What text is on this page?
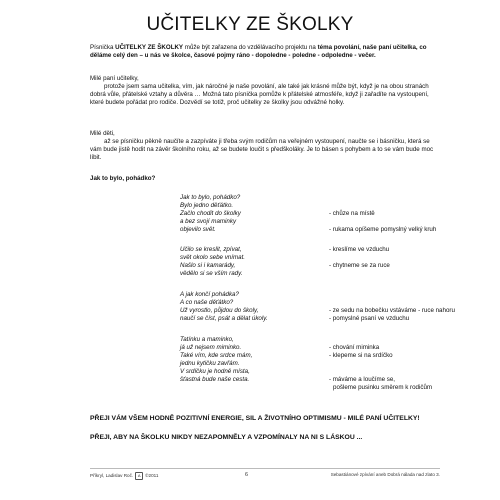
UČITELKY ZE ŠKOLKY
Písnička UČITELKY ZE ŠKOLKY může být zařazena do vzdělávacího projektu na téma povolání, naše paní učitelka, co děláme celý den – u nás ve školce, časové pojmy ráno - dopoledne - poledne - odpoledne - večer.
Milé paní učitelky,
protože jsem sama učitelka, vím, jak náročné je naše povolání, ale také jak krásné může být, když je na obou stranách dobrá vůle, přátelské vztahy a důvěra … Možná tato písnička pomůže k přátelské atmosféře, když ji zařadíte na vystoupení, které budete pořádat pro rodiče. Dozvědí se totiž, proč učitelky ze školky jsou odvážné holky.
Milé děti,
až se písničku pěkně naučíte a zazpíváte ji třeba svým rodičům na veřejném vystoupení, naučte se i básničku, která se vám bude jistě hodit na závěr školního roku, až se budete loučit s předškoláky. Je to básen s pohybem a to se vám bude moc líbit.
Jak to bylo, pohádko?
Jak to bylo, pohádko?
Bylo jedno děťátko.
Začlo chodit do školky	- chůze na místě
a bez svojí maminky
objevilo svět.	- rukama opíšeme pomyslný velký kruh
Učilo se kreslit, zpívat,	- kreslíme ve vzduchu
svět okolo sebe vnímat.
Našlo si i kamarády,	- chytneme se za ruce
vědělo si se vším rady.
A jak končí pohádka?
A co naše děťátko?
Už vyrostlo, půjdou do školy,	- ze sedu na bobečku vstáváme - ruce nahoru
naučí se číst, psát a dělat úkoly.	- pomyslné psaní ve vzduchu
Tatínku a maminko,
já už nejsem miminko.	- chování miminka
Také vím, kde srdce mám,	- klepeme si na srdíčko
jednu kytičku zavřám.
V srdíčku je hodně místa,
šťastná bude naše cesta.	- máváme a loučíme se,
pošleme pusinku směrem k rodičům
PŘEJI VÁM VŠEM HODNĚ POZITIVNÍ ENERGIE, SIL A ŽIVOTNÍHO OPTIMISMU - MILÉ PANÍ UČITELKY!
PŘEJI, ABY NA ŠKOLKU NIKDY NEZAPOMNĚLY A VZPOMÍNALY NA NI S LÁSKOU ...
Příkryl, Ladislav Roč. A ©2011	6	Sebastiánové zpívání aneb Dobrá nálada nad zlato 3.
